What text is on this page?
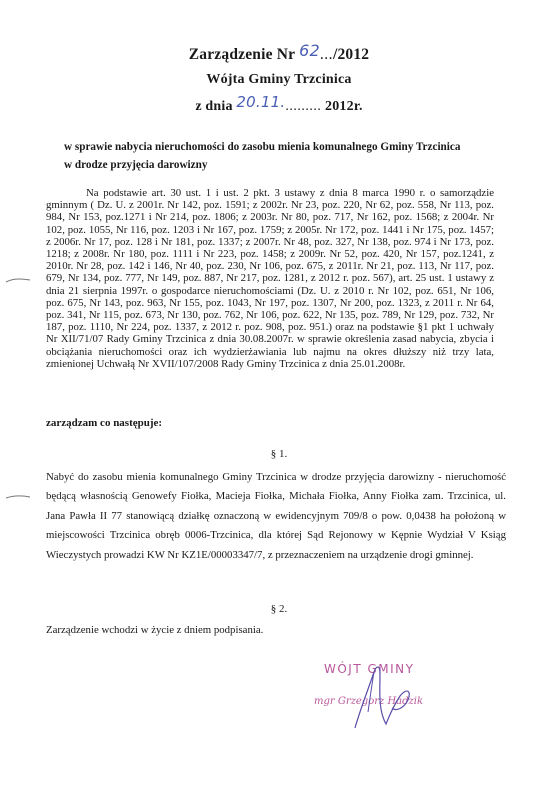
Zarządzenie Nr 62.../2012
Wójta Gminy Trzcinica
z dnia 20.11.......... 2012r.
w sprawie nabycia nieruchomości do zasobu mienia komunalnego Gminy Trzcinica
w drodze przyjęcia darowizny

Na podstawie art. 30 ust. 1 i ust. 2 pkt. 3 ustawy z dnia 8 marca 1990 r. o samorządzie gminnym ( Dz. U. z 2001r. Nr 142, poz. 1591; z 2002r. Nr 23, poz. 220, Nr 62, poz. 558, Nr 113, poz. 984, Nr 153, poz.1271 i Nr 214, poz. 1806; z 2003r. Nr 80, poz. 717, Nr 162, poz. 1568; z 2004r. Nr 102, poz. 1055, Nr 116, poz. 1203 i Nr 167, poz. 1759; z 2005r. Nr 172, poz. 1441 i Nr 175, poz. 1457; z 2006r. Nr 17, poz. 128 i Nr 181, poz. 1337; z 2007r. Nr 48, poz. 327, Nr 138, poz. 974 i Nr 173, poz. 1218; z 2008r. Nr 180, poz. 1111 i Nr 223, poz. 1458; z 2009r. Nr 52, poz. 420, Nr 157, poz.1241, z 2010r. Nr 28, poz. 142 i 146, Nr 40, poz. 230, Nr 106, poz. 675, z 2011r. Nr 21, poz. 113, Nr 117, poz. 679, Nr 134, poz. 777, Nr 149, poz. 887, Nr 217, poz. 1281, z 2012 r. poz. 567), art. 25 ust. 1 ustawy z dnia 21 sierpnia 1997r. o gospodarce nieruchomościami (Dz. U. z 2010 r. Nr 102, poz. 651, Nr 106, poz. 675, Nr 143, poz. 963, Nr 155, poz. 1043, Nr 197, poz. 1307, Nr 200, poz. 1323, z 2011 r. Nr 64, poz. 341, Nr 115, poz. 673, Nr 130, poz. 762, Nr 106, poz. 622, Nr 135, poz. 789, Nr 129, poz. 732, Nr 187, poz. 1110, Nr 224, poz. 1337, z 2012 r. poz. 908, poz. 951.) oraz na podstawie §1 pkt 1 uchwały Nr XII/71/07 Rady Gminy Trzcinica z dnia 30.08.2007r. w sprawie określenia zasad nabycia, zbycia i obciążania nieruchomości oraz ich wydzierżawiania lub najmu na okres dłuższy niż trzy lata, zmienionej Uchwałą Nr XVII/107/2008 Rady Gminy Trzcinica z dnia 25.01.2008r.

zarządzam co następuje:
§ 1.

Nabyć do zasobu mienia komunalnego Gminy Trzcinica w drodze przyjęcia darowizny - nieruchomość będącą własnością Genowefy Fiołka, Macieja Fiołka, Michała Fiołka, Anny Fiołka zam. Trzcinica, ul. Jana Pawła II 77 stanowiącą działkę oznaczoną w ewidencyjnym 709/8 o pow. 0,0438 ha położoną w miejscowości Trzcinica obręb 0006-Trzcinica, dla której Sąd Rejonowy w Kępnie Wydział V Ksiąg Wieczystych prowadzi KW Nr KZ1E/00003347/7, z przeznaczeniem na urządzenie drogi gminnej.

§ 2.

Zarządzenie wchodzi w życie z dniem podpisania.

WÓJT GMINY
mgr Grzegorz Hadzik
